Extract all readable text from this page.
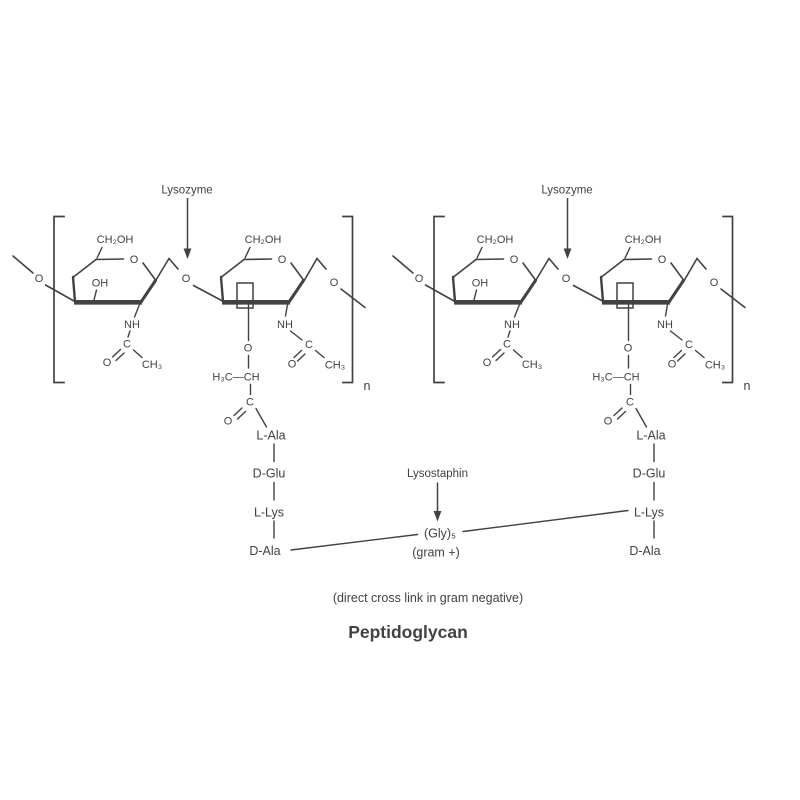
Lysozyme
n
O	O	O
O
CH₂OH
OH
NH
C
O	CH₃
O
CH₂OH
NH
C
O	CH₃
O
H₃C—CH
C
O
L-Ala
D-Glu
L-Lys
D-Ala
Lysozyme
n
O	O	O
O
CH₂OH
OH
NH
C
O	CH₃
O
CH₂OH
NH
C
O	CH₃
O
H₃C—CH
C
O
L-Ala
D-Glu
L-Lys
D-Ala
Lysostaphin
(Gly)₅
(gram +)
(direct cross link in gram negative)
Peptidoglycan
